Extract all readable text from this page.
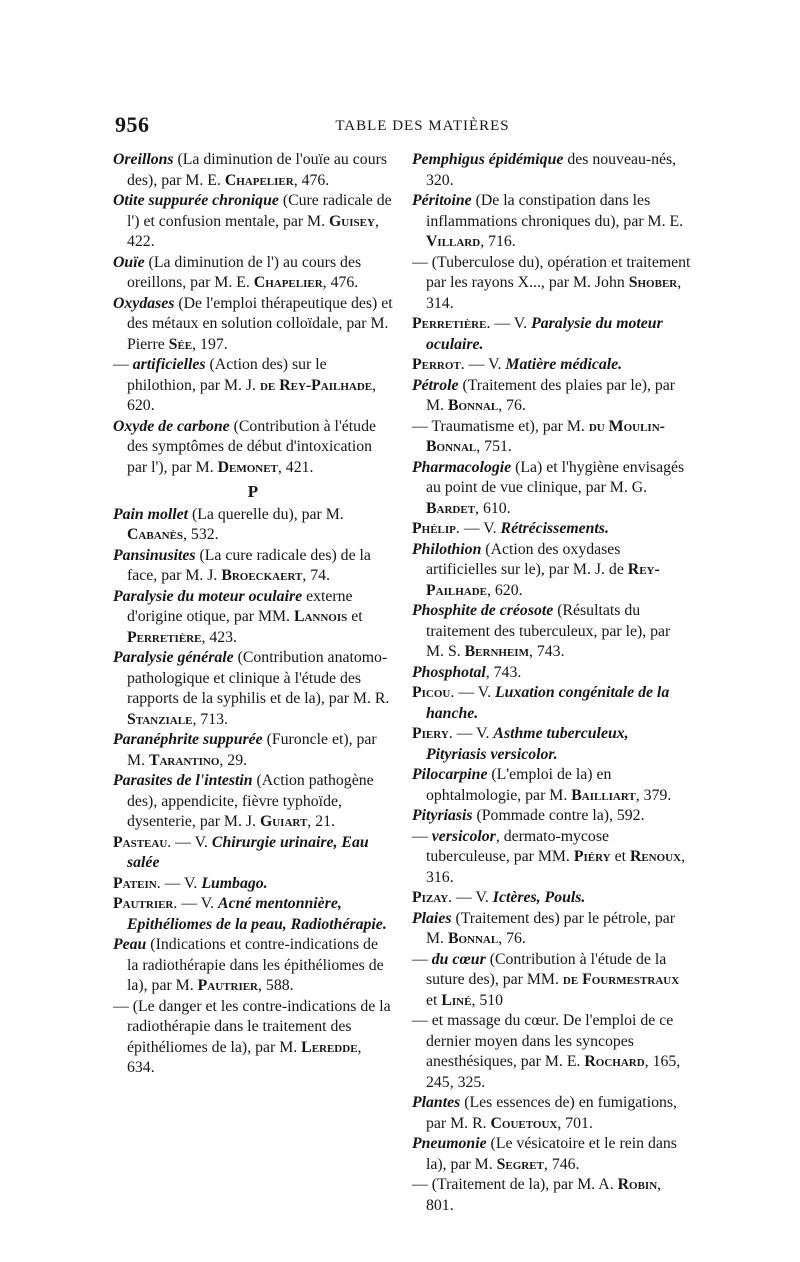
956	TABLE DES MATIÈRES

Oreillons (La diminution de l'ouïe au cours des), par M. E. Chapelier, 476.

Otite suppurée chronique (Cure radicale de l') et confusion mentale, par M. Guisey, 422.

Ouïe (La diminution de l') au cours des oreillons, par M. E. Chapelier, 476.

Oxydases (De l'emploi thérapeutique des) et des métaux en solution colloïdale, par M. Pierre Sée, 197.

— artificielles (Action des) sur le philothion, par M. J. de Rey-Pailhade, 620.

Oxyde de carbone (Contribution à l'étude des symptômes de début d'intoxication par l'), par M. Demonet, 421.

P

Pain mollet (La querelle du), par M. Cabanès, 532.

Pansinusites (La cure radicale des) de la face, par M. J. Broeckaert, 74.

Paralysie du moteur oculaire externe d'origine otique, par MM. Lannois et Perretière, 423.

Paralysie générale (Contribution anatomo-pathologique et clinique à l'étude des rapports de la syphilis et de la), par M. R. Stanziale, 713.

Paranéphrite suppurée (Furoncle et), par M. Tarantino, 29.

Parasites de l'intestin (Action pathogène des), appendicite, fièvre typhoïde, dysenterie, par M. J. Guiart, 21.

Pasteau. — V. Chirurgie urinaire, Eau salée

Patein. — V. Lumbago.

Pautrier. — V. Acné mentonnière, Epithéliomes de la peau, Radiothérapie.

Peau (Indications et contre-indications de la radiothérapie dans les épithéliomes de la), par M. Pautrier, 588.

— (Le danger et les contre-indications de la radiothérapie dans le traitement des épithéliomes de la), par M. Leredde, 634.

Pemphigus épidémique des nouveau-nés, 320.

Péritoine (De la constipation dans les inflammations chroniques du), par M. E. Villard, 716.

— (Tuberculose du), opération et traitement par les rayons X..., par M. John Shober, 314.

Perretière. — V. Paralysie du moteur oculaire.

Perrot. — V. Matière médicale.

Pétrole (Traitement des plaies par le), par M. Bonnal, 76.

— Traumatisme et), par M. du Moulin-Bonnal, 751.

Pharmacologie (La) et l'hygiène envisagés au point de vue clinique, par M. G. Bardet, 610.

Phélip. — V. Rétrécissements.

Philothion (Action des oxydases artificielles sur le), par M. J. de Rey-Pailhade, 620.

Phosphite de créosote (Résultats du traitement des tuberculeux, par le), par M. S. Bernheim, 743.

Phosphotal, 743.

Picou. — V. Luxation congénitale de la hanche.

Piery. — V. Asthme tuberculeux, Pityriasis versicolor.

Pilocarpine (L'emploi de la) en ophtalmologie, par M. Bailliart, 379.

Pityriasis (Pommade contre la), 592.

— versicolor, dermato-mycose tuberculeuse, par MM. Piéry et Renoux, 316.

Pizay. — V. Ictères, Pouls.

Plaies (Traitement des) par le pétrole, par M. Bonnal, 76.

— du cœur (Contribution à l'étude de la suture des), par MM. de Fourmestraux et Liné, 510

— et massage du cœur. De l'emploi de ce dernier moyen dans les syncopes anesthésiques, par M. E. Rochard, 165, 245, 325.

Plantes (Les essences de) en fumigations, par M. R. Couetoux, 701.

Pneumonie (Le vésicatoire et le rein dans la), par M. Segret, 746.

— (Traitement de la), par M. A. Robin, 801.
